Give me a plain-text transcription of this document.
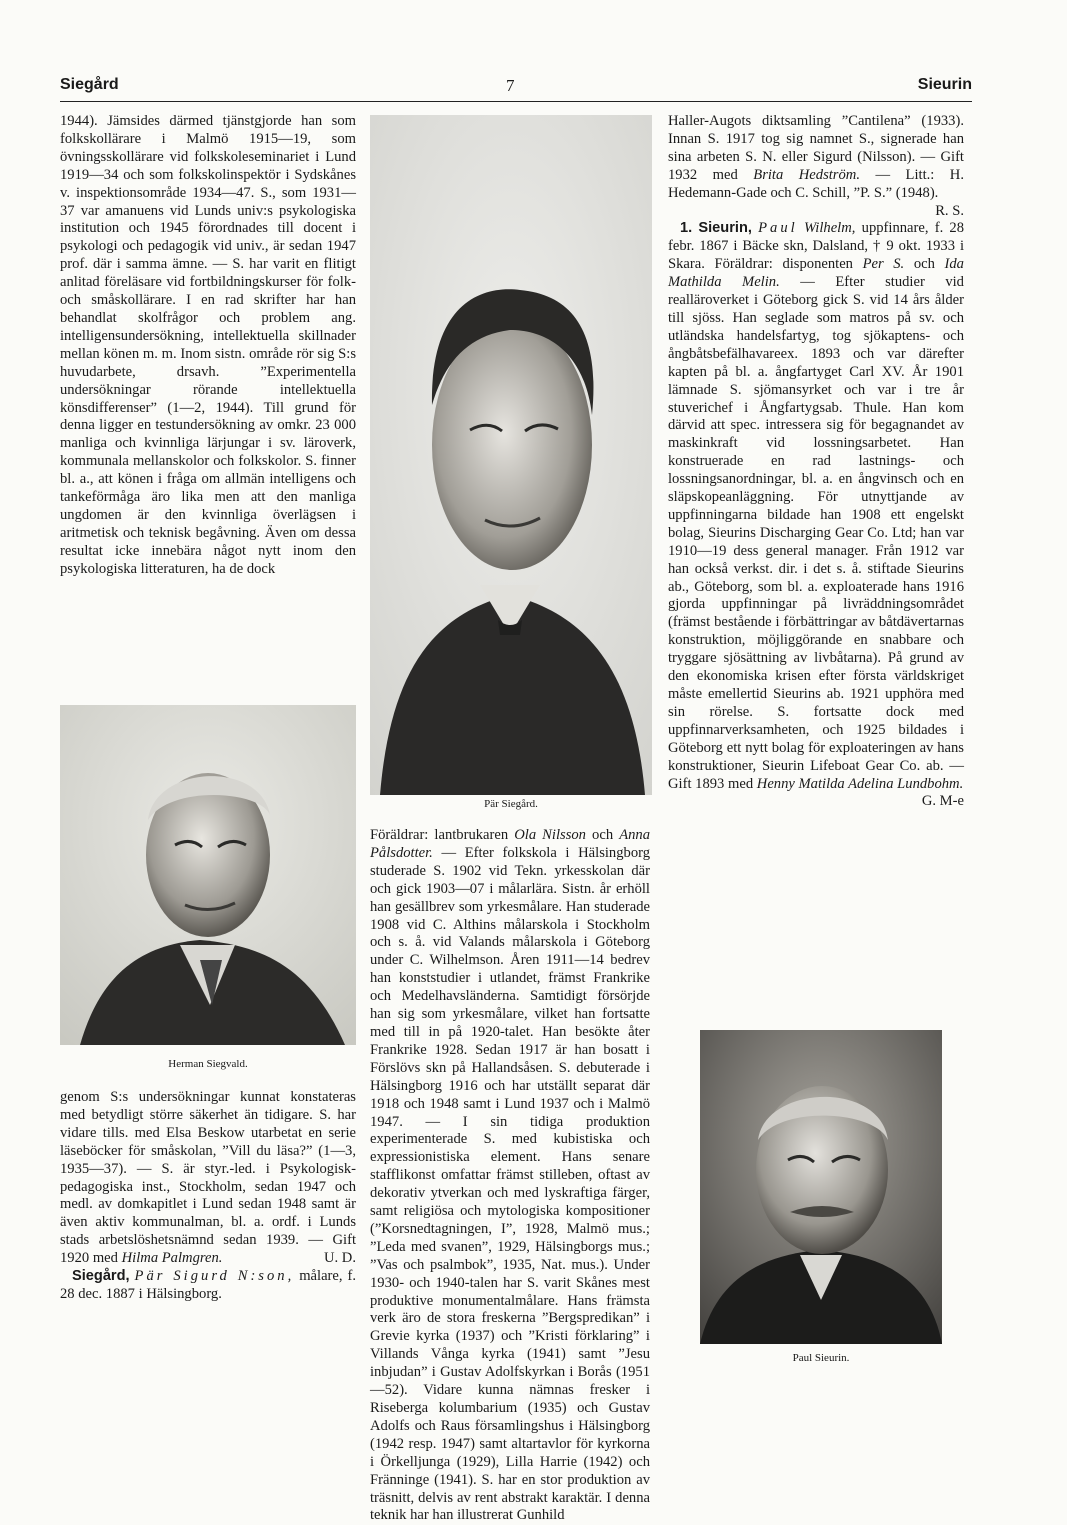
Siegård	7	Sieurin

1944). Jämsides därmed tjänstgjorde han som folkskollärare i Malmö 1915—19, som övningsskollärare vid folkskoleseminariet i Lund 1919—34 och som folkskolinspektör i Sydskånes v. inspektionsområde 1934—47. S., som 1931—37 var amanuens vid Lunds univ:s psykologiska institution och 1945 förordnades till docent i psykologi och pedagogik vid univ., är sedan 1947 prof. där i samma ämne. — S. har varit en flitigt anlitad föreläsare vid fortbildningskurser för folk- och småskollärare. I en rad skrifter har han behandlat skolfrågor och problem ang. intelligensundersökning, intellektuella skillnader mellan könen m. m. Inom sistn. område rör sig S:s huvudarbete, drsavh. ”Experimentella undersökningar rörande intellektuella könsdifferenser” (1—2, 1944). Till grund för denna ligger en testundersökning av omkr. 23 000 manliga och kvinnliga lärjungar i sv. läroverk, kommunala mellanskolor och folkskolor. S. finner bl. a., att könen i fråga om allmän intelligens och tankeförmåga äro lika men att den manliga ungdomen är den kvinnliga överlägsen i aritmetisk och teknisk begåvning. Även om dessa resultat icke innebära något nytt inom den psykologiska litteraturen, ha de dock

Herman Siegvald.

genom S:s undersökningar kunnat konstateras med betydligt större säkerhet än tidigare. S. har vidare tills. med Elsa Beskow utarbetat en serie läseböcker för småskolan, ”Vill du läsa?” (1—3, 1935—37). — S. är styr.-led. i Psykologisk-pedagogiska inst., Stockholm, sedan 1947 och medl. av domkapitlet i Lund sedan 1948 samt är även aktiv kommunalman, bl. a. ordf. i Lunds stads arbetslöshetsnämnd sedan 1939. — Gift 1920 med Hilma Palmgren.	U. D.

Siegård, Pär Sigurd N:son, målare, f. 28 dec. 1887 i Hälsingborg.

Pär Siegård.

Föräldrar: lantbrukaren Ola Nilsson och Anna Pålsdotter. — Efter folkskola i Hälsingborg studerade S. 1902 vid Tekn. yrkesskolan där och gick 1903—07 i målarlära. Sistn. år erhöll han gesällbrev som yrkesmålare. Han studerade 1908 vid C. Althins målarskola i Stockholm och s. å. vid Valands målarskola i Göteborg under C. Wilhelmson. Åren 1911—14 bedrev han konststudier i utlandet, främst Frankrike och Medelhavsländerna. Samtidigt försörjde han sig som yrkesmålare, vilket han fortsatte med till in på 1920-talet. Han besökte åter Frankrike 1928. Sedan 1917 är han bosatt i Förslövs skn på Hallandsåsen. S. debuterade i Hälsingborg 1916 och har utställt separat där 1918 och 1948 samt i Lund 1937 och i Malmö 1947. — I sin tidiga produktion experimenterade S. med kubistiska och expressionistiska element. Hans senare stafflikonst omfattar främst stilleben, oftast av dekorativ ytverkan och med lyskraftiga färger, samt religiösa och mytologiska kompositioner (”Korsnedtagningen, I”, 1928, Malmö mus.; ”Leda med svanen”, 1929, Hälsingborgs mus.; ”Vas och psalmbok”, 1935, Nat. mus.). Under 1930- och 1940-talen har S. varit Skånes mest produktive monumentalmålare. Hans främsta verk äro de stora freskerna ”Bergspredikan” i Grevie kyrka (1937) och ”Kristi förklaring” i Villands Vånga kyrka (1941) samt ”Jesu inbjudan” i Gustav Adolfskyrkan i Borås (1951—52). Vidare kunna nämnas fresker i Riseberga kolumbarium (1935) och Gustav Adolfs och Raus församlingshus i Hälsingborg (1942 resp. 1947) samt altartavlor för kyrkorna i Örkelljunga (1929), Lilla Harrie (1942) och Fränninge (1941). S. har en stor produktion av träsnitt, delvis av rent abstrakt karaktär. I denna teknik har han illustrerat Gunhild

Haller-Augots diktsamling ”Cantilena” (1933). Innan S. 1917 tog sig namnet S., signerade han sina arbeten S. N. eller Sigurd (Nilsson). — Gift 1932 med Brita Hedström. — Litt.: H. Hedemann-Gade och C. Schill, ”P. S.” (1948).
R. S.

1. Sieurin, Paul Wilhelm, uppfinnare, f. 28 febr. 1867 i Bäcke skn, Dalsland, † 9 okt. 1933 i Skara. Föräldrar: disponenten Per S. och Ida Mathilda Melin. — Efter studier vid realläroverket i Göteborg gick S. vid 14 års ålder till sjöss. Han seglade som matros på sv. och utländska handelsfartyg, tog sjökaptens- och ångbåtsbefälhavareex. 1893 och var därefter kapten på bl. a. ångfartyget Carl XV. År 1901 lämnade S. sjömansyrket och var i tre år stuverichef i Ångfartygsab. Thule. Han kom därvid att spec. intressera sig för begagnandet av maskinkraft vid lossningsarbetet. Han konstruerade en rad lastnings- och lossningsanordningar, bl. a. en ångvinsch och en släpskopeanläggning. För utnyttjande av uppfinningarna bildade han 1908 ett engelskt bolag, Sieurins Discharging Gear Co. Ltd; han var 1910—19 dess general manager. Från 1912 var han också verkst. dir. i det s. å. stiftade Sieurins ab., Göteborg, som bl. a. exploaterade hans 1916 gjorda uppfinningar på livräddningsområdet (främst bestående i förbättringar av båtdävertarnas konstruktion, möjliggörande en snabbare och tryggare sjösättning av livbåtarna). På grund av den ekonomiska krisen efter första världskriget måste emellertid Sieurins ab. 1921 upphöra med sin rörelse. S. fortsatte dock med uppfinnarverksamheten, och 1925 bildades i Göteborg ett nytt bolag för exploateringen av hans konstruktioner, Sieurin Lifeboat Gear Co. ab. — Gift 1893 med Henny Matilda Adelina Lundbohm.
G. M-e

Paul Sieurin.
